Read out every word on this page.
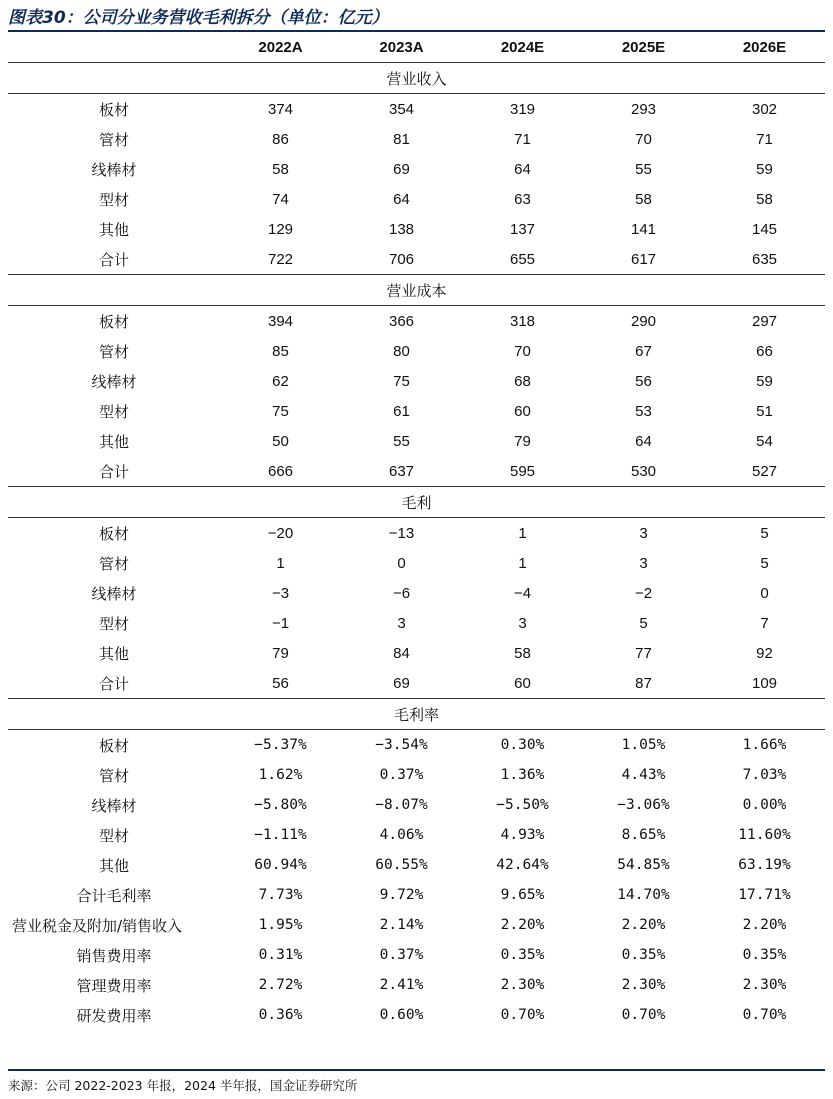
图表30：公司分业务营收毛利拆分（单位：亿元）
	2022A	2023A	2024E	2025E	2026E
营业收入					
板材	374	354	319	293	302
管材	86	81	71	70	71
线棒材	58	69	64	55	59
型材	74	64	63	58	58
其他	129	138	137	141	145
合计	722	706	655	617	635
营业成本					
板材	394	366	318	290	297
管材	85	80	70	67	66
线棒材	62	75	68	56	59
型材	75	61	60	53	51
其他	50	55	79	64	54
合计	666	637	595	530	527
毛利					
板材	−20	−13	1	3	5
管材	1	0	1	3	5
线棒材	−3	−6	−4	−2	0
型材	−1	3	3	5	7
其他	79	84	58	77	92
合计	56	69	60	87	109
毛利率					
板材	−5.37%	−3.54%	0.30%	1.05%	1.66%
管材	1.62%	0.37%	1.36%	4.43%	7.03%
线棒材	−5.80%	−8.07%	−5.50%	−3.06%	0.00%
型材	−1.11%	4.06%	4.93%	8.65%	11.60%
其他	60.94%	60.55%	42.64%	54.85%	63.19%
合计毛利率	7.73%	9.72%	9.65%	14.70%	17.71%
营业税金及附加/销售收入	1.95%	2.14%	2.20%	2.20%	2.20%
销售费用率	0.31%	0.37%	0.35%	0.35%	0.35%
管理费用率	2.72%	2.41%	2.30%	2.30%	2.30%
研发费用率	0.36%	0.60%	0.70%	0.70%	0.70%
来源：公司 2022-2023 年报，2024 半年报，国金证券研究所
